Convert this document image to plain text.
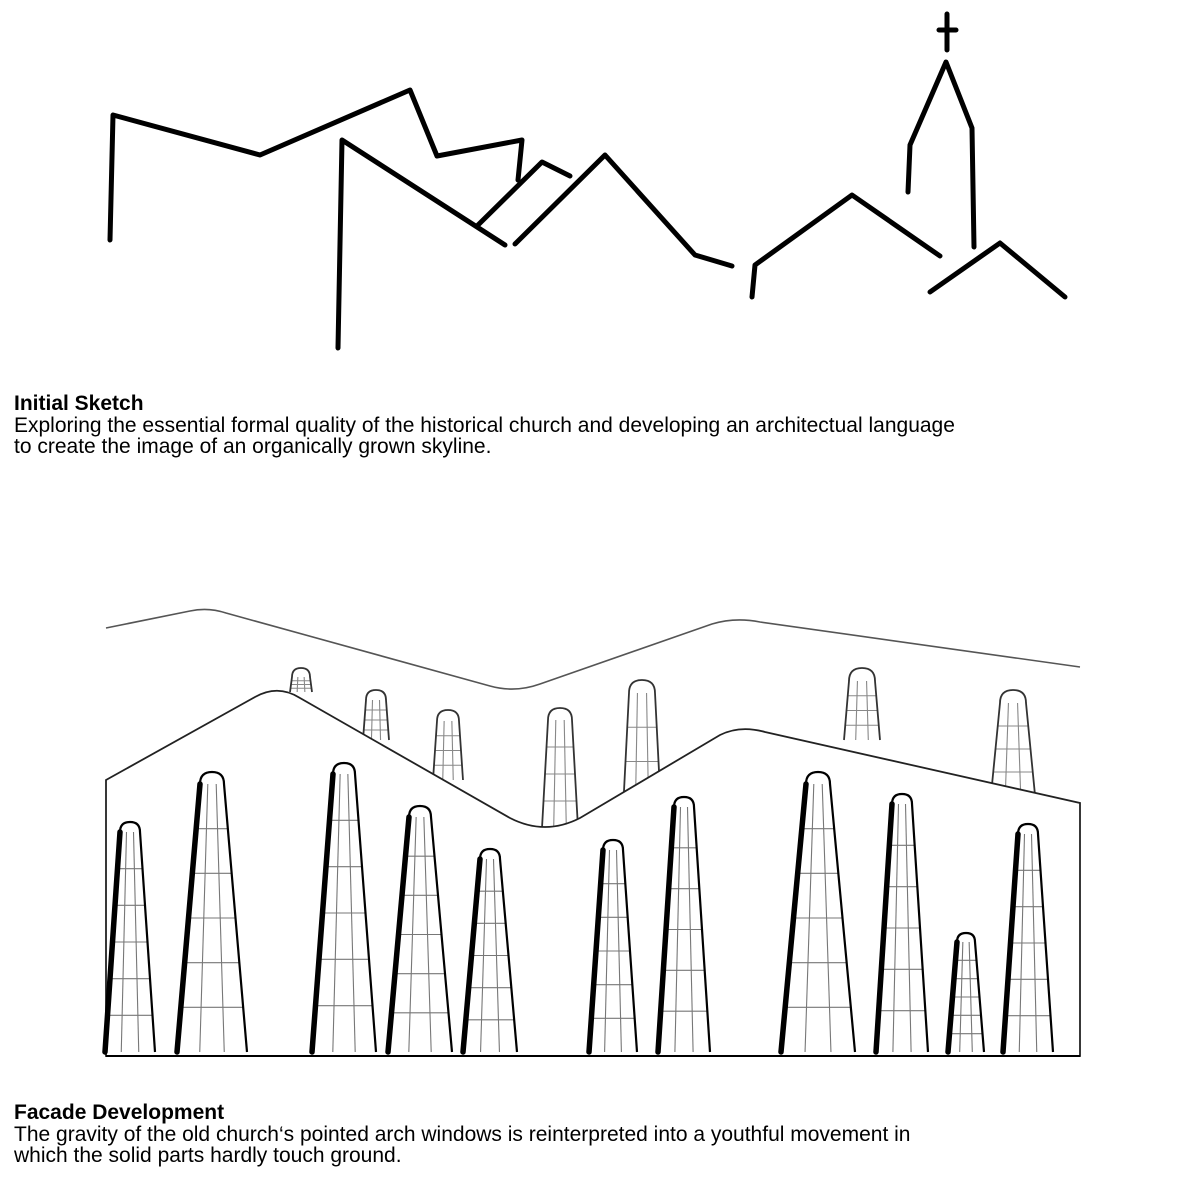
Initial Sketch

Exploring the essential formal quality of the historical church and developing an architectual language
to create the image of an organically grown skyline.

Facade Development

The gravity of the old church‘s pointed arch windows is reinterpreted into a youthful movement in
which the solid parts hardly touch ground.
